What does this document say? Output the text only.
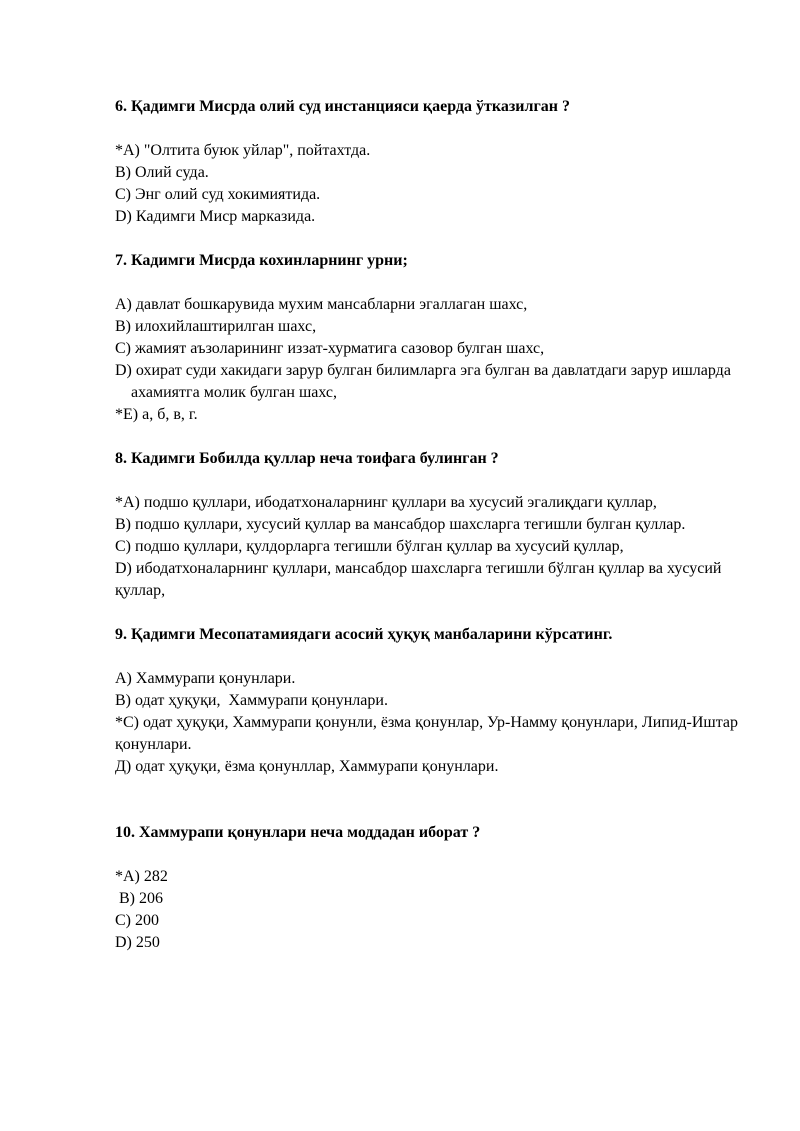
6. Қадимги Мисрда олий суд инстанцияси қаерда ўтказилган ?

*А) "Олтита буюк уйлар", пойтахтда.

В) Олий суда.

С) Энг олий суд хокимиятида.

D) Кадимги Миср марказида.

7. Кадимги Мисрда кохинларнинг урни;

А) давлат бошкарувида мухим мансабларни эгаллаган шахс,

В) илохийлаштирилган шахс,

С) жамият аъзоларининг иззат-хурматига сазовор булган шахс,

D) охират суди хакидаги зарур булган билимларга эга булган ва давлатдаги зарур ишларда

ахамиятга молик булган шахс,

*Е) а, б, в, г.

8. Кадимги Бобилда қуллар неча тоифага булинган ?

*А) подшо қуллари, ибодатхоналарнинг қуллари ва хусусий эгалиқдаги қуллар,

В) подшо қуллари, хусусий қуллар ва мансабдор шахсларга тегишли булган қуллар.

С) подшо қуллари, қулдорларга тегишли бўлган қуллар ва хусусий қуллар,

D) ибодатхоналарнинг қуллари, мансабдор шахсларга тегишли бўлган қуллар ва хусусий қуллар,

9. Қадимги Месопатамиядаги асосий ҳуқуқ манбаларини кўрсатинг.

А) Хаммурапи қонунлари.

В) одат ҳуқуқи,  Хаммурапи қонунлари.

*С) одат ҳуқуқи, Хаммурапи қонунли, ёзма қонунлар, Ур-Намму қонунлари, Липид-Иштар қонунлари.

Д) одат ҳуқуқи, ёзма қонунллар, Хаммурапи қонунлари.

10. Хаммурапи қонунлари неча моддадан иборат ?

*А) 282

В) 206

С) 200

D) 250
